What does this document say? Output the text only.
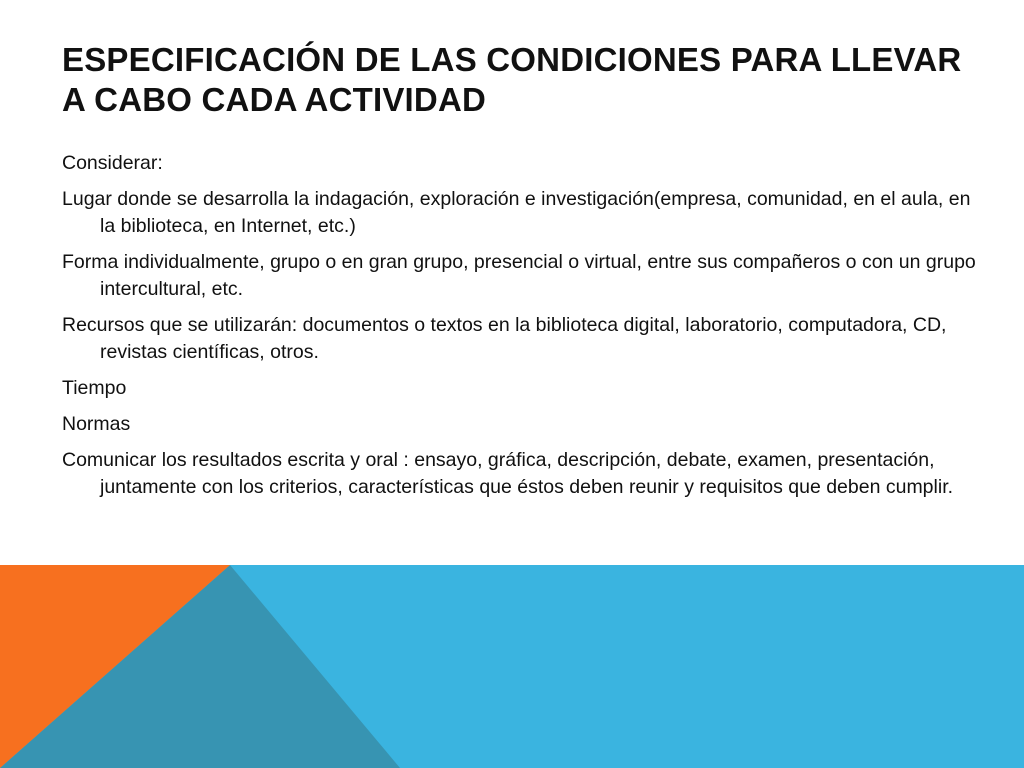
ESPECIFICACIÓN DE LAS CONDICIONES PARA LLEVAR A CABO CADA ACTIVIDAD

Considerar:

Lugar donde se desarrolla la indagación, exploración e investigación(empresa, comunidad, en el aula, en la biblioteca, en Internet, etc.)

Forma individualmente, grupo o en gran grupo, presencial o virtual, entre sus compañeros o con un grupo intercultural, etc.

Recursos que se utilizarán: documentos o textos en la biblioteca digital, laboratorio, computadora, CD, revistas científicas, otros.

Tiempo

Normas

Comunicar los resultados escrita y oral : ensayo, gráfica, descripción, debate, examen, presentación, juntamente con los criterios, características que éstos deben reunir y requisitos que deben cumplir.
